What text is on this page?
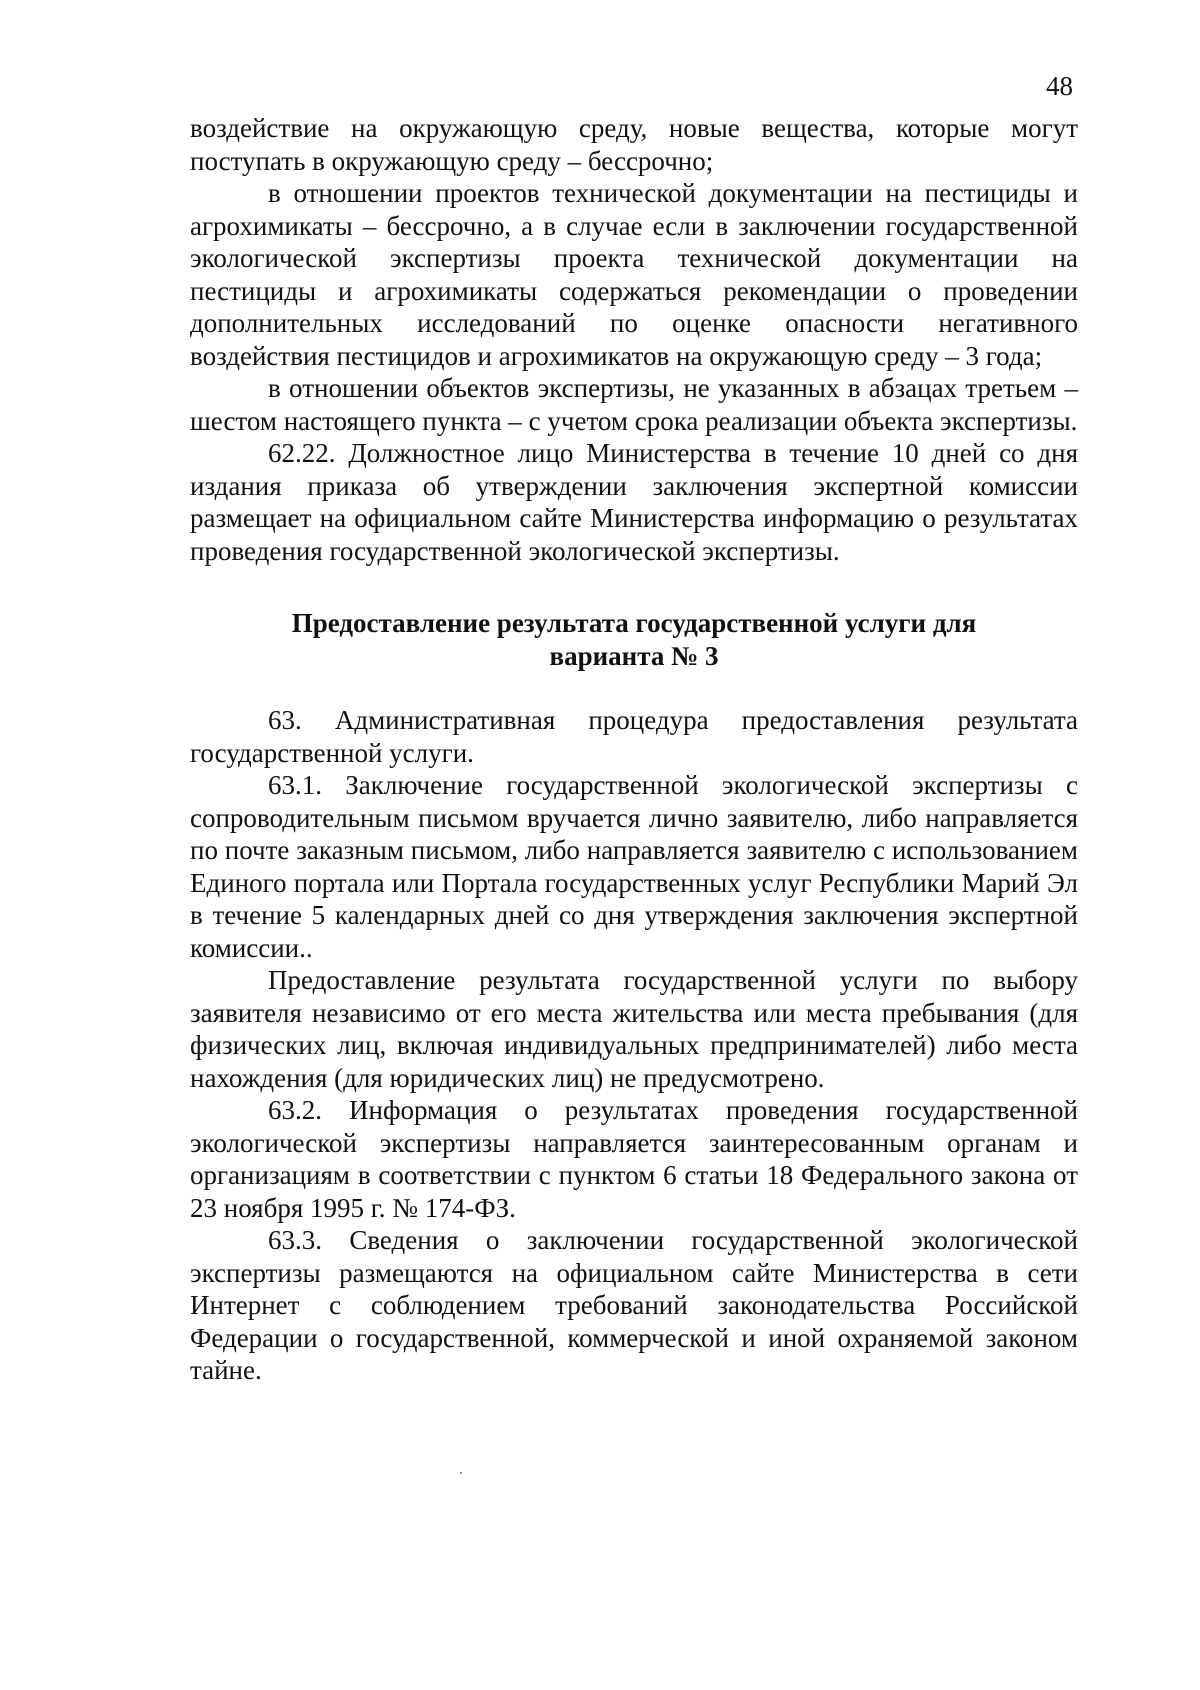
48

воздействие на окружающую среду, новые вещества, которые могут поступать в окружающую среду – бессрочно;

в отношении проектов технической документации на пестициды и агрохимикаты – бессрочно, а в случае если в заключении государственной экологической экспертизы проекта технической документации на пестициды и агрохимикаты содержаться рекомендации о проведении дополнительных исследований по оценке опасности негативного воздействия пестицидов и агрохимикатов на окружающую среду – 3 года;

в отношении объектов экспертизы, не указанных в абзацах третьем – шестом настоящего пункта – с учетом срока реализации объекта экспертизы.

62.22. Должностное лицо Министерства в течение 10 дней со дня издания приказа об утверждении заключения экспертной комиссии размещает на официальном сайте Министерства информацию о результатах проведения государственной экологической экспертизы.

Предоставление результата государственной услуги для
варианта № 3

63. Административная процедура предоставления результата государственной услуги.

63.1. Заключение государственной экологической экспертизы с сопроводительным письмом вручается лично заявителю, либо направляется по почте заказным письмом, либо направляется заявителю с использованием Единого портала или Портала государственных услуг Республики Марий Эл в течение 5 календарных дней со дня утверждения заключения экспертной комиссии..

Предоставление результата государственной услуги по выбору заявителя независимо от его места жительства или места пребывания (для физических лиц, включая индивидуальных предпринимателей) либо места нахождения (для юридических лиц) не предусмотрено.

63.2. Информация о результатах проведения государственной экологической экспертизы направляется заинтересованным органам и организациям в соответствии с пунктом 6 статьи 18 Федерального закона от 23 ноября 1995 г. № 174-ФЗ.

63.3. Сведения о заключении государственной экологической экспертизы размещаются на официальном сайте Министерства в сети Интернет с соблюдением требований законодательства Российской Федерации о государственной, коммерческой и иной охраняемой законом тайне.
